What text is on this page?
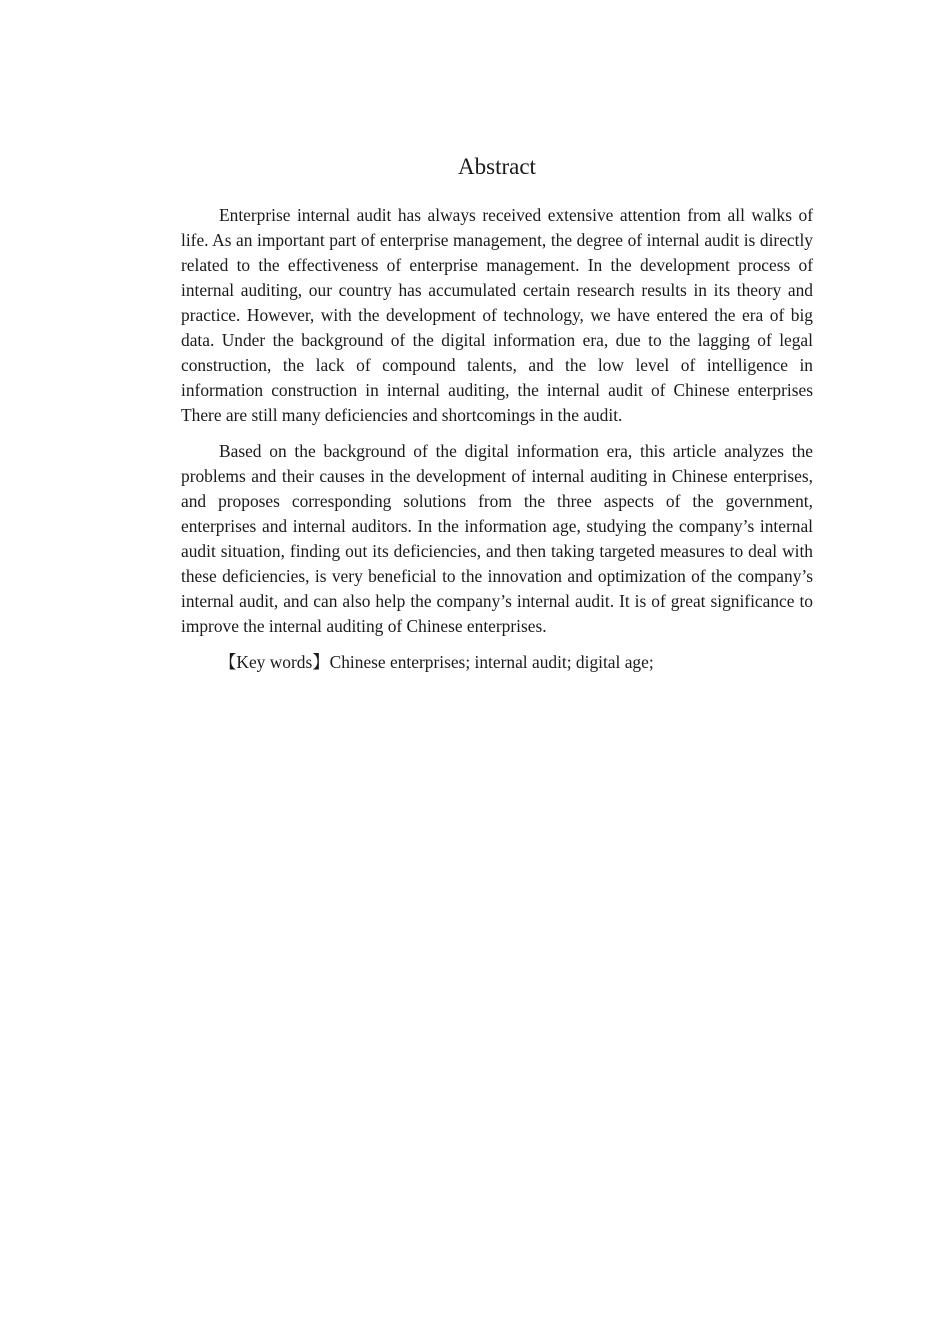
Abstract

Enterprise internal audit has always received extensive attention from all walks of life. As an important part of enterprise management, the degree of internal audit is directly related to the effectiveness of enterprise management. In the development process of internal auditing, our country has accumulated certain research results in its theory and practice. However, with the development of technology, we have entered the era of big data. Under the background of the digital information era, due to the lagging of legal construction, the lack of compound talents, and the low level of intelligence in information construction in internal auditing, the internal audit of Chinese enterprises There are still many deficiencies and shortcomings in the audit.

Based on the background of the digital information era, this article analyzes the problems and their causes in the development of internal auditing in Chinese enterprises, and proposes corresponding solutions from the three aspects of the government, enterprises and internal auditors. In the information age, studying the company’s internal audit situation, finding out its deficiencies, and then taking targeted measures to deal with these deficiencies, is very beneficial to the innovation and optimization of the company’s internal audit, and can also help the company’s internal audit. It is of great significance to improve the internal auditing of Chinese enterprises.

【Key words】Chinese enterprises; internal audit; digital age;
